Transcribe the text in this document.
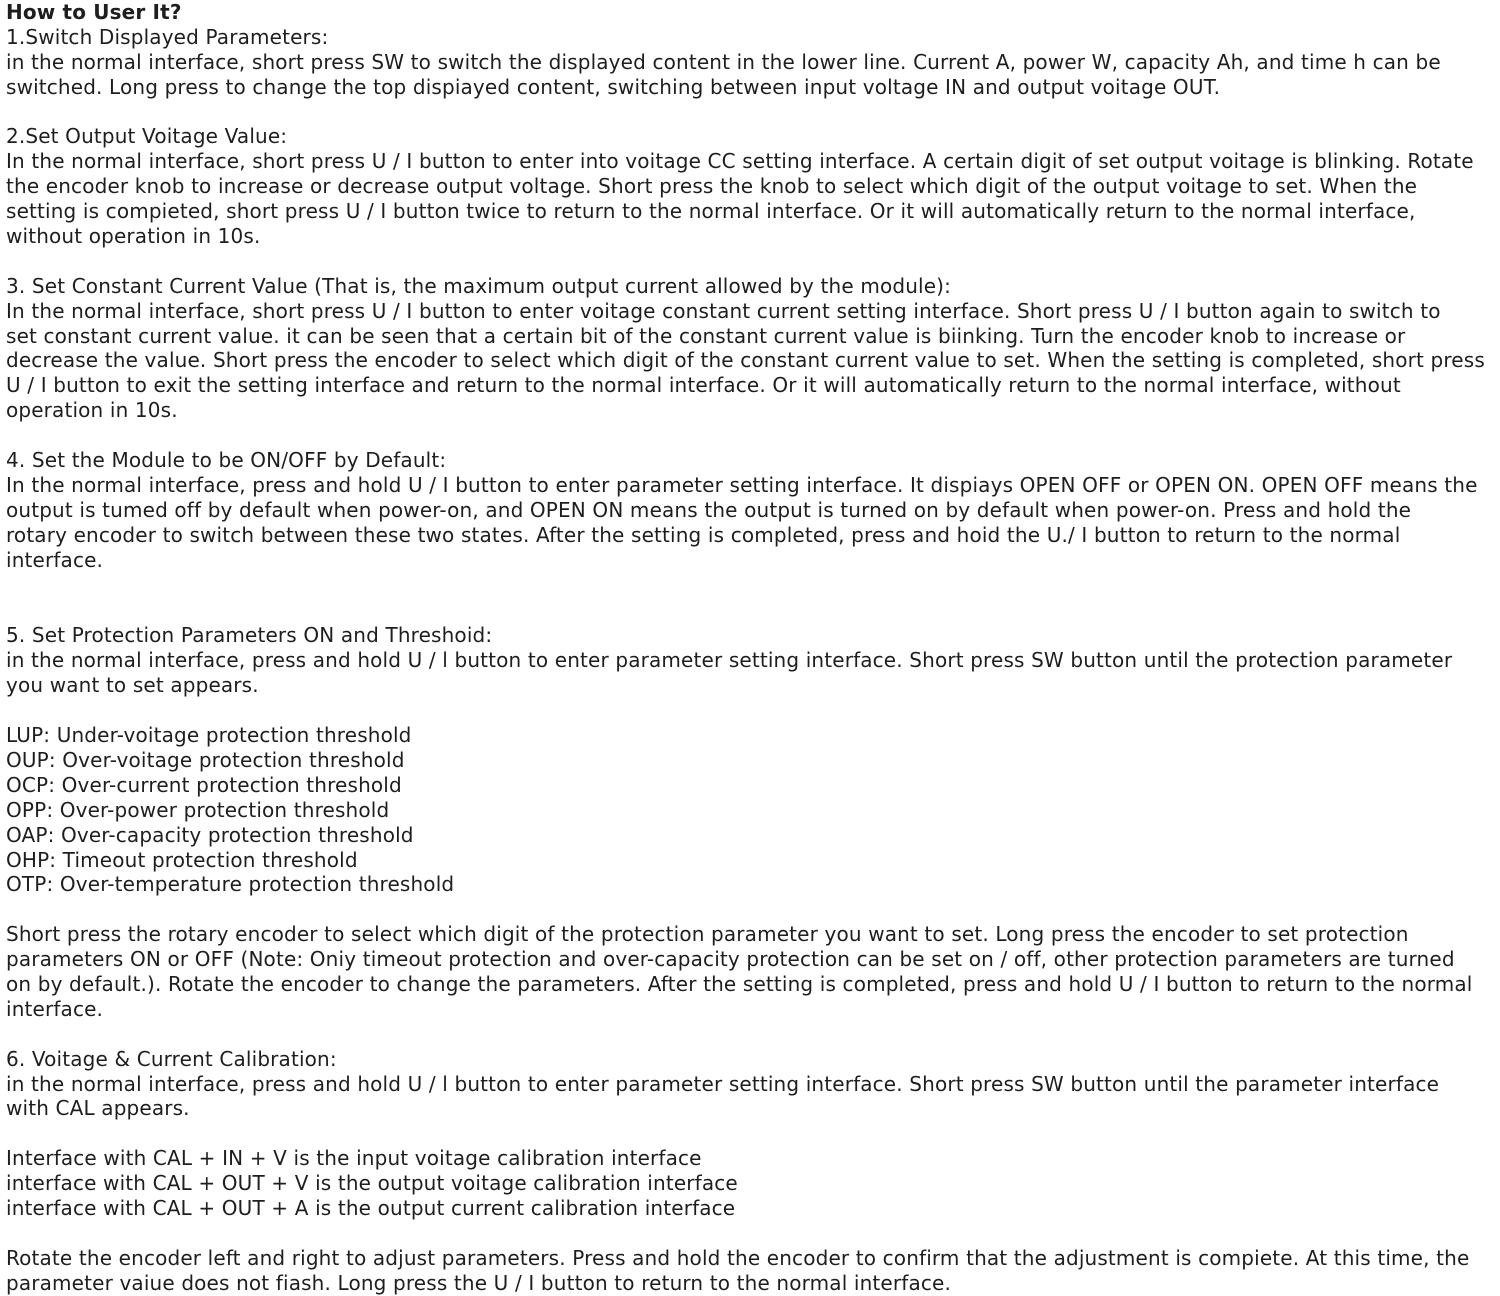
How to User It?
1.Switch Displayed Parameters:
in the normal interface, short press SW to switch the displayed content in the lower line. Current A, power W, capacity Ah, and time h can be
switched. Long press to change the top dispiayed content, switching between input voltage IN and output voitage OUT.
2.Set Output Voitage Value:
In the normal interface, short press U / I button to enter into voitage CC setting interface. A certain digit of set output voitage is blinking. Rotate
the encoder knob to increase or decrease output voltage. Short press the knob to select which digit of the output voitage to set. When the
setting is compieted, short press U / I button twice to return to the normal interface. Or it will automatically return to the normal interface,
without operation in 10s.
3. Set Constant Current Value (That is, the maximum output current allowed by the module):
In the normal interface, short press U / I button to enter voitage constant current setting interface. Short press U / I button again to switch to
set constant current value. it can be seen that a certain bit of the constant current value is biinking. Turn the encoder knob to increase or
decrease the value. Short press the encoder to select which digit of the constant current value to set. When the setting is completed, short press
U / I button to exit the setting interface and return to the normal interface. Or it will automatically return to the normal interface, without
operation in 10s.
4. Set the Module to be ON/OFF by Default:
In the normal interface, press and hold U / I button to enter parameter setting interface. It dispiays OPEN OFF or OPEN ON. OPEN OFF means the
output is tumed off by default when power-on, and OPEN ON means the output is turned on by default when power-on. Press and hold the
rotary encoder to switch between these two states. After the setting is completed, press and hoid the U./ I button to return to the normal
interface.
5. Set Protection Parameters ON and Threshoid:
in the normal interface, press and hold U / l button to enter parameter setting interface. Short press SW button until the protection parameter
you want to set appears.
LUP: Under-voitage protection threshold
OUP: Over-voitage protection threshold
OCP: Over-current protection threshold
OPP: Over-power protection threshold
OAP: Over-capacity protection threshold
OHP: Timeout protection threshold
OTP: Over-temperature protection threshold
Short press the rotary encoder to select which digit of the protection parameter you want to set. Long press the encoder to set protection
parameters ON or OFF (Note: Oniy timeout protection and over-capacity protection can be set on / off, other protection parameters are turned
on by default.). Rotate the encoder to change the parameters. After the setting is completed, press and hold U / I button to return to the normal
interface.
6. Voitage & Current Calibration:
in the normal interface, press and hold U / l button to enter parameter setting interface. Short press SW button until the parameter interface
with CAL appears.
Interface with CAL + IN + V is the input voitage calibration interface
interface with CAL + OUT + V is the output voitage calibration interface
interface with CAL + OUT + A is the output current calibration interface
Rotate the encoder left and right to adjust parameters. Press and hold the encoder to confirm that the adjustment is compiete. At this time, the
parameter vaiue does not fiash. Long press the U / I button to return to the normal interface.
